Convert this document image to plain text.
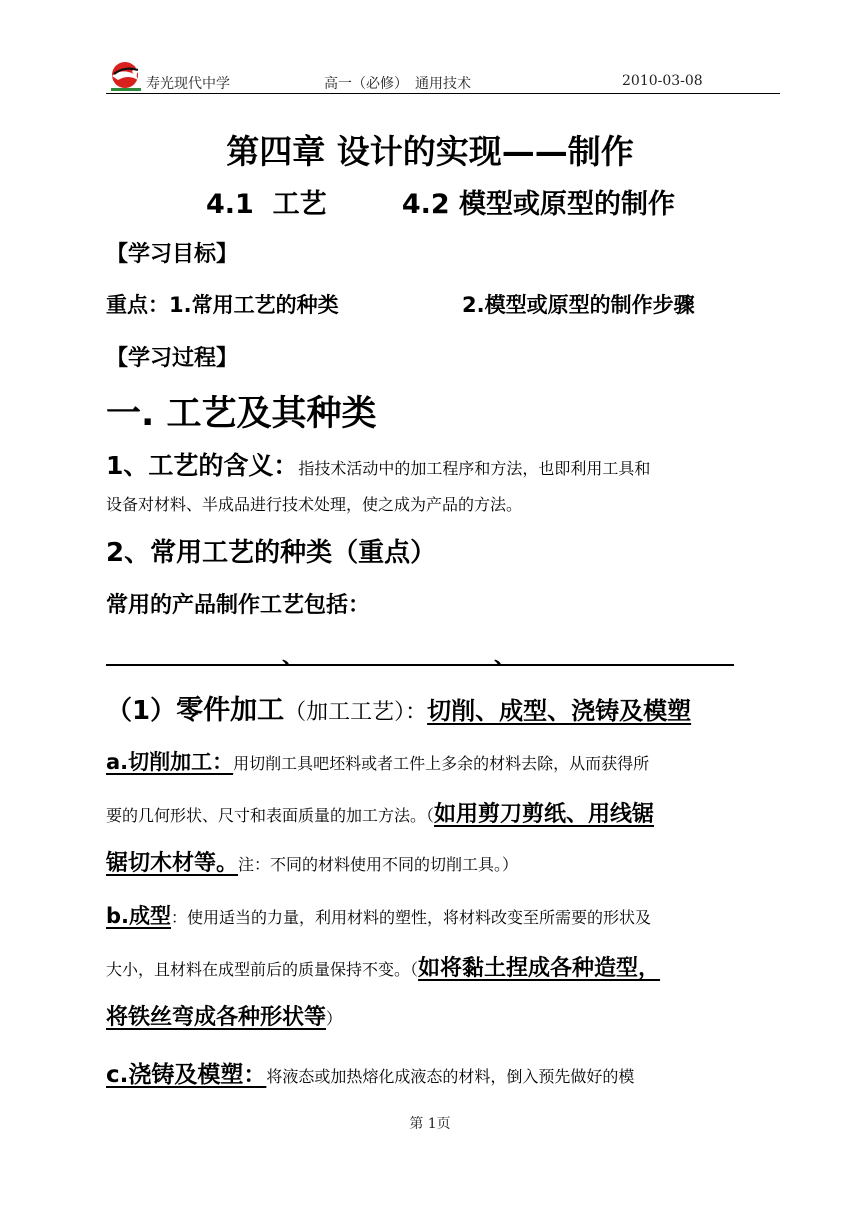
寿光现代中学	高一（必修）　通用技术	2010-03-08
第四章 设计的实现——制作
4.1  工艺        4.2 模型或原型的制作
【学习目标】
重点：1.常用工艺的种类	2.模型或原型的制作步骤
【学习过程】
一. 工艺及其种类
1、工艺的含义：指技术活动中的加工程序和方法，也即利用工具和
设备对材料、半成品进行技术处理，使之成为产品的方法。
2、常用工艺的种类（重点）
常用的产品制作工艺包括：
、	、
（1）零件加工（加工工艺）：切削、成型、浇铸及模塑
a.切削加工：用切削工具吧坯料或者工件上多余的材料去除，从而获得所
要的几何形状、尺寸和表面质量的加工方法。（如用剪刀剪纸、用线锯
锯切木材等。注：不同的材料使用不同的切削工具。）
b.成型：使用适当的力量，利用材料的塑性，将材料改变至所需要的形状及
大小，且材料在成型前后的质量保持不变。（如将黏土捏成各种造型，
将铁丝弯成各种形状等）
c.浇铸及模塑：将液态或加热熔化成液态的材料，倒入预先做好的模
第 1页
